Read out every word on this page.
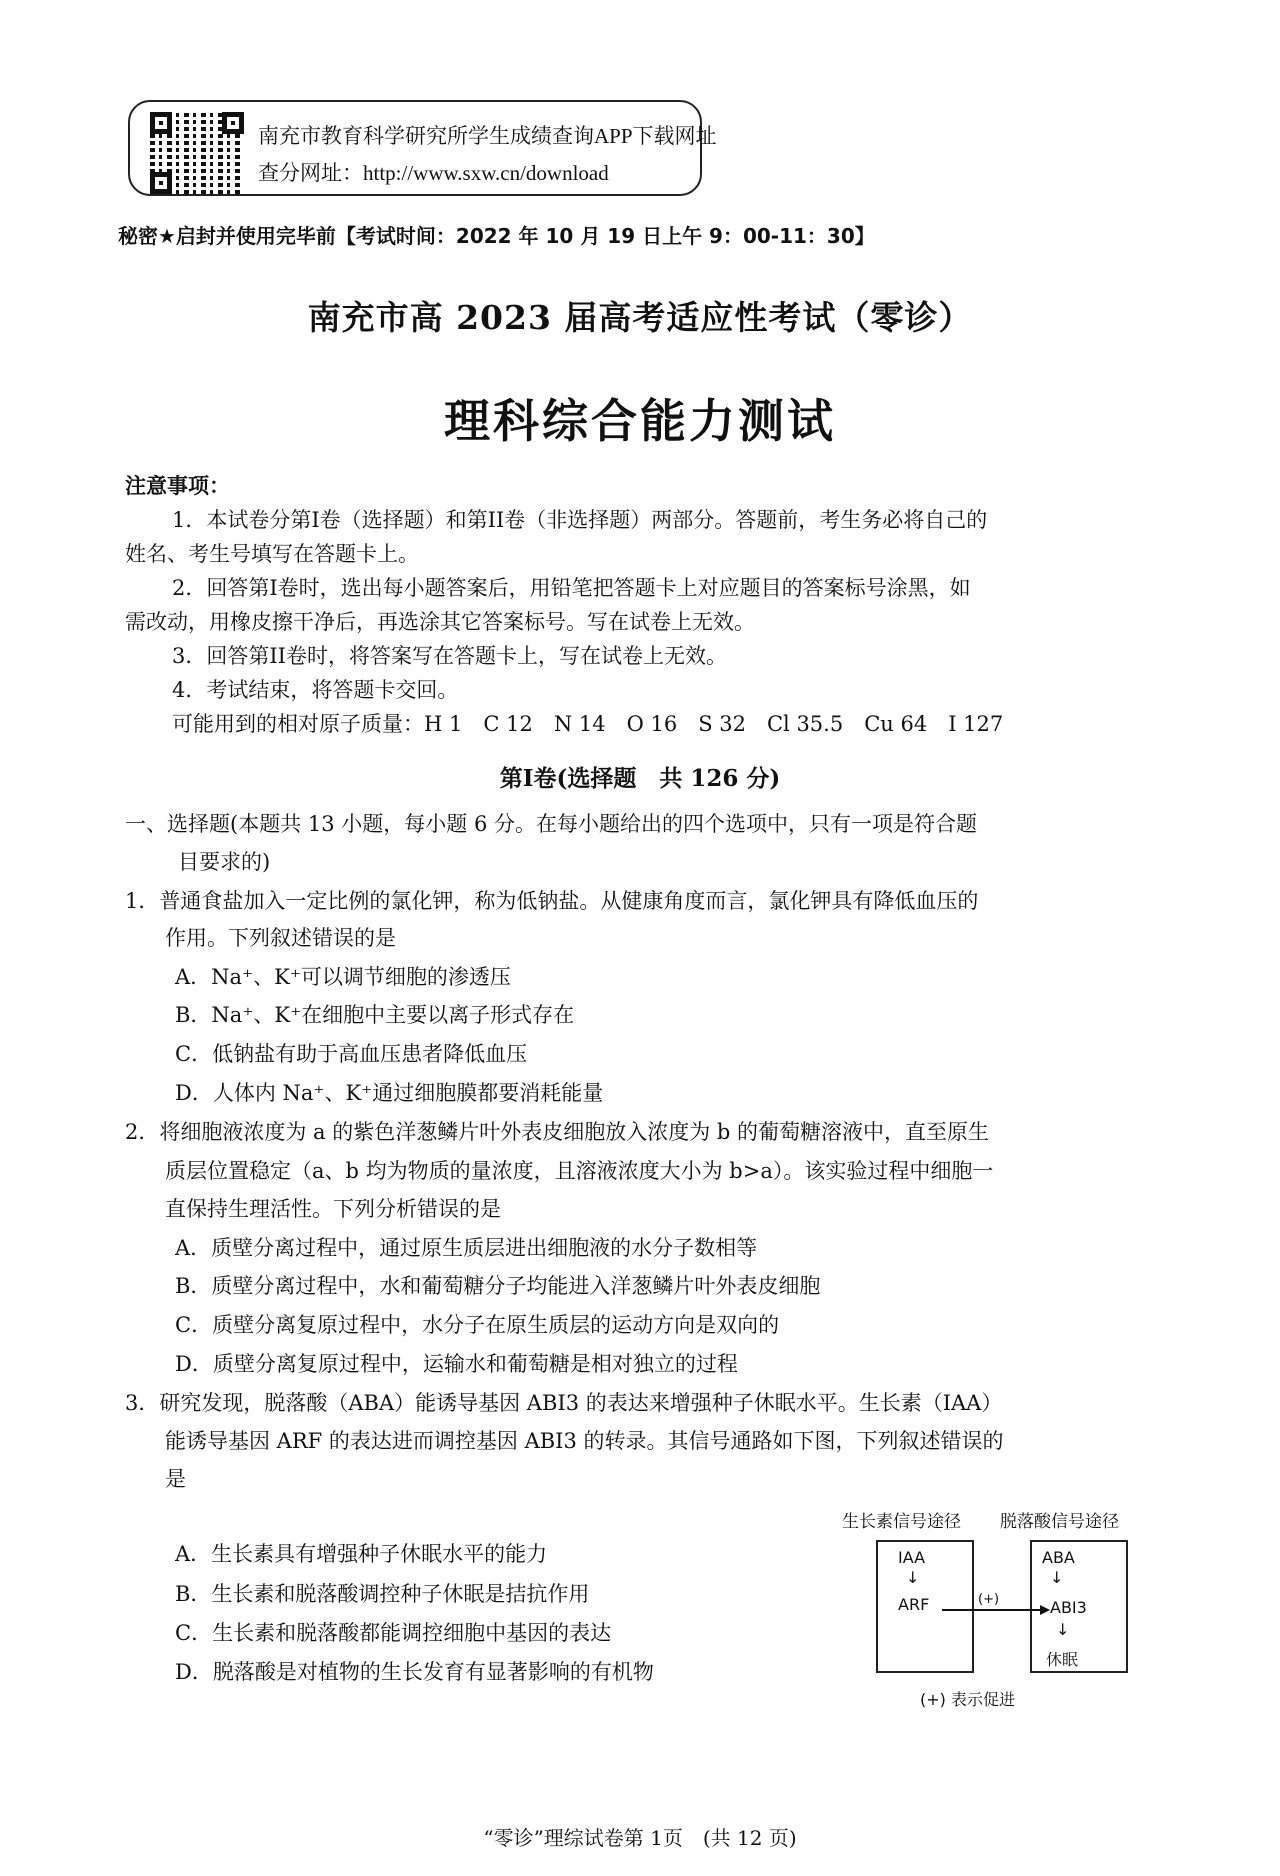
南充市教育科学研究所学生成绩查询APP下载网址
查分网址：http://www.sxw.cn/download
秘密★启封并使用完毕前【考试时间：2022 年 10 月 19 日上午 9：00-11：30】
南充市高 2023 届高考适应性考试（零诊）
理科综合能力测试
注意事项：
1．本试卷分第I卷（选择题）和第II卷（非选择题）两部分。答题前，考生务必将自己的
姓名、考生号填写在答题卡上。
2．回答第I卷时，选出每小题答案后，用铅笔把答题卡上对应题目的答案标号涂黑，如
需改动，用橡皮擦干净后，再选涂其它答案标号。写在试卷上无效。
3．回答第II卷时，将答案写在答题卡上，写在试卷上无效。
4．考试结束，将答题卡交回。
可能用到的相对原子质量：H 1　C 12　N 14　O 16　S 32　Cl 35.5　Cu 64　I 127
第I卷(选择题　共 126 分)
一、选择题(本题共 13 小题，每小题 6 分。在每小题给出的四个选项中，只有一项是符合题
目要求的)
1．普通食盐加入一定比例的氯化钾，称为低钠盐。从健康角度而言，氯化钾具有降低血压的
作用。下列叙述错误的是
A．Na⁺、K⁺可以调节细胞的渗透压
B．Na⁺、K⁺在细胞中主要以离子形式存在
C．低钠盐有助于高血压患者降低血压
D．人体内 Na⁺、K⁺通过细胞膜都要消耗能量
2．将细胞液浓度为 a 的紫色洋葱鳞片叶外表皮细胞放入浓度为 b 的葡萄糖溶液中，直至原生
质层位置稳定（a、b 均为物质的量浓度，且溶液浓度大小为 b>a）。该实验过程中细胞一
直保持生理活性。下列分析错误的是
A．质壁分离过程中，通过原生质层进出细胞液的水分子数相等
B．质壁分离过程中，水和葡萄糖分子均能进入洋葱鳞片叶外表皮细胞
C．质壁分离复原过程中，水分子在原生质层的运动方向是双向的
D．质壁分离复原过程中，运输水和葡萄糖是相对独立的过程
3．研究发现，脱落酸（ABA）能诱导基因 ABI3 的表达来增强种子休眠水平。生长素（IAA）
能诱导基因 ARF 的表达进而调控基因 ABI3 的转录。其信号通路如下图，下列叙述错误的
是
A．生长素具有增强种子休眠水平的能力
B．生长素和脱落酸调控种子休眠是拮抗作用
C．生长素和脱落酸都能调控细胞中基因的表达
D．脱落酸是对植物的生长发育有显著影响的有机物
生长素信号途径 脱落酸信号途径
IAA
↓
ARF
ABA
↓
ABI3
↓
休眠
(+)
(+) 表示促进
“零诊”理综试卷第 1页　(共 12 页)
